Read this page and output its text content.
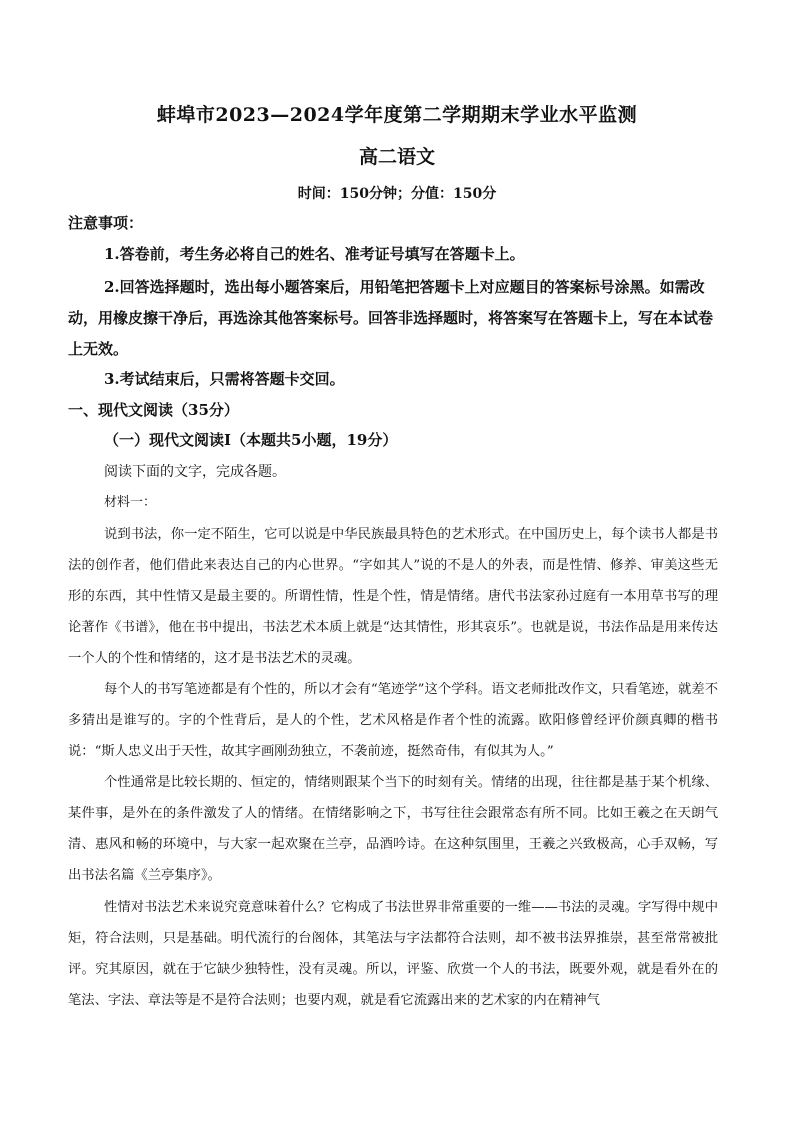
蚌埠市2023—2024学年度第二学期期末学业水平监测
高二语文
时间：150分钟；分值：150分
注意事项：
1.答卷前，考生务必将自己的姓名、准考证号填写在答题卡上。
2.回答选择题时，选出每小题答案后，用铅笔把答题卡上对应题目的答案标号涂黑。如需改动，用橡皮擦干净后，再选涂其他答案标号。回答非选择题时，将答案写在答题卡上，写在本试卷上无效。
3.考试结束后，只需将答题卡交回。
一、现代文阅读（35分）
（一）现代文阅读Ⅰ（本题共5小题，19分）
阅读下面的文字，完成各题。
材料一：
说到书法，你一定不陌生，它可以说是中华民族最具特色的艺术形式。在中国历史上，每个读书人都是书法的创作者，他们借此来表达自己的内心世界。“字如其人”说的不是人的外表，而是性情、修养、审美这些无形的东西，其中性情又是最主要的。所谓性情，性是个性，情是情绪。唐代书法家孙过庭有一本用草书写的理论著作《书谱》，他在书中提出，书法艺术本质上就是“达其情性，形其哀乐”。也就是说，书法作品是用来传达一个人的个性和情绪的，这才是书法艺术的灵魂。
每个人的书写笔迹都是有个性的，所以才会有“笔迹学”这个学科。语文老师批改作文，只看笔迹，就差不多猜出是谁写的。字的个性背后，是人的个性，艺术风格是作者个性的流露。欧阳修曾经评价颜真卿的楷书说：“斯人忠义出于天性，故其字画刚劲独立，不袭前迹，挺然奇伟，有似其为人。”
个性通常是比较长期的、恒定的，情绪则跟某个当下的时刻有关。情绪的出现，往往都是基于某个机缘、某件事，是外在的条件激发了人的情绪。在情绪影响之下，书写往往会跟常态有所不同。比如王羲之在天朗气清、惠风和畅的环境中，与大家一起欢聚在兰亭，品酒吟诗。在这种氛围里，王羲之兴致极高，心手双畅，写出书法名篇《兰亭集序》。
性情对书法艺术来说究竟意味着什么？它构成了书法世界非常重要的一维——书法的灵魂。字写得中规中矩，符合法则，只是基础。明代流行的台阁体，其笔法与字法都符合法则，却不被书法界推崇，甚至常常被批评。究其原因，就在于它缺少独特性，没有灵魂。所以，评鉴、欣赏一个人的书法，既要外观，就是看外在的笔法、字法、章法等是不是符合法则；也要内观，就是看它流露出来的艺术家的内在精神气
